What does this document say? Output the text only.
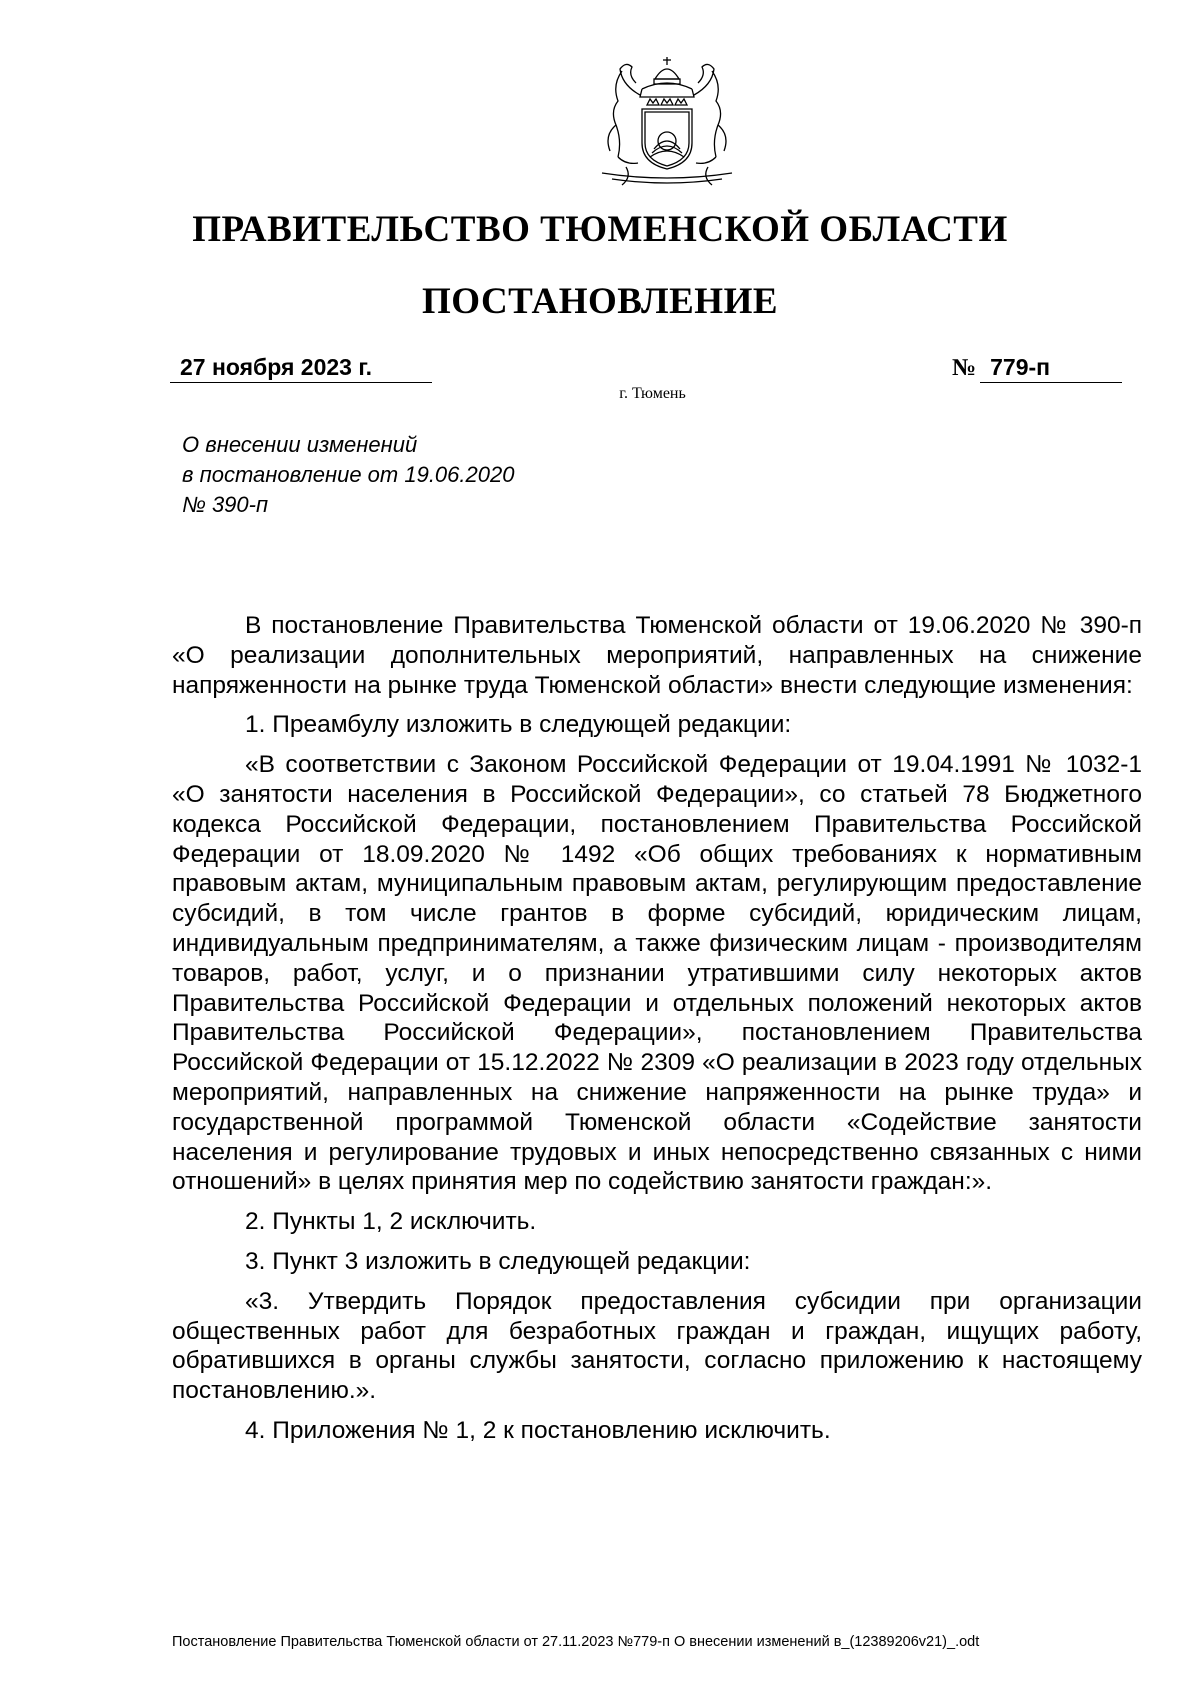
ПРАВИТЕЛЬСТВО ТЮМЕНСКОЙ ОБЛАСТИ
ПОСТАНОВЛЕНИЕ
27 ноября 2023 г.	№ 779-п
г. Тюмень
О внесении изменений
в постановление от 19.06.2020
№ 390-п

В постановление Правительства Тюменской области от 19.06.2020 № 390-п «О реализации дополнительных мероприятий, направленных на снижение напряженности на рынке труда Тюменской области» внести следующие изменения:

1. Преамбулу изложить в следующей редакции:

«В соответствии с Законом Российской Федерации от 19.04.1991 № 1032-1 «О занятости населения в Российской Федерации», со статьей 78 Бюджетного кодекса Российской Федерации, постановлением Правительства Российской Федерации от 18.09.2020 № 1492 «Об общих требованиях к нормативным правовым актам, муниципальным правовым актам, регулирующим предоставление субсидий, в том числе грантов в форме субсидий, юридическим лицам, индивидуальным предпринимателям, а также физическим лицам - производителям товаров, работ, услуг, и о признании утратившими силу некоторых актов Правительства Российской Федерации и отдельных положений некоторых актов Правительства Российской Федерации», постановлением Правительства Российской Федерации от 15.12.2022 № 2309 «О реализации в 2023 году отдельных мероприятий, направленных на снижение напряженности на рынке труда» и государственной программой Тюменской области «Содействие занятости населения и регулирование трудовых и иных непосредственно связанных с ними отношений» в целях принятия мер по содействию занятости граждан:».

2. Пункты 1, 2 исключить.

3. Пункт 3 изложить в следующей редакции:

«3. Утвердить Порядок предоставления субсидии при организации общественных работ для безработных граждан и граждан, ищущих работу, обратившихся в органы службы занятости, согласно приложению к настоящему постановлению.».

4. Приложения № 1, 2 к постановлению исключить.

Постановление Правительства Тюменской области от 27.11.2023 №779-п О внесении изменений в_(12389206v21)_.odt
